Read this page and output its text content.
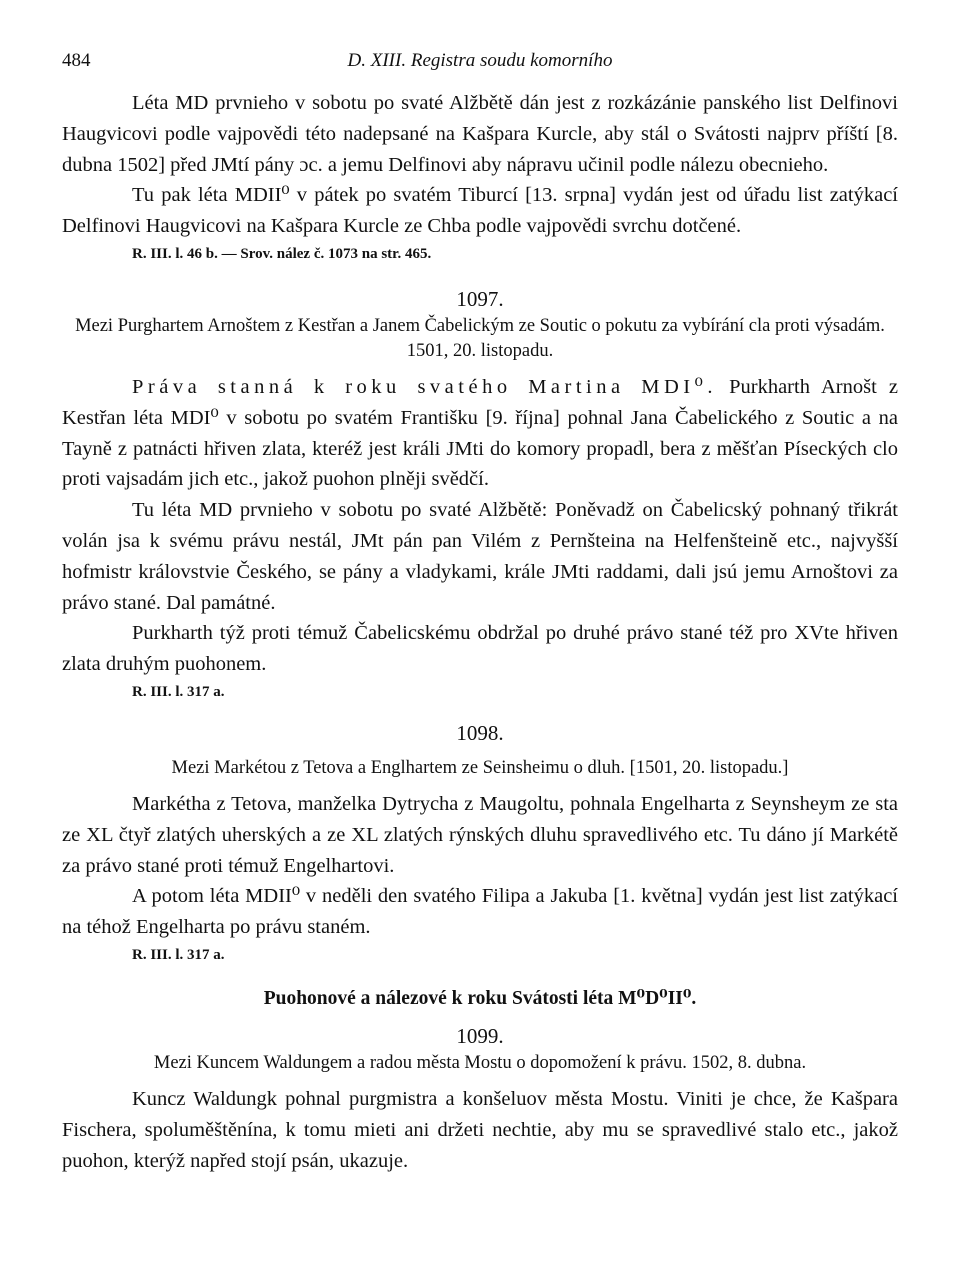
484	D. XIII. Registra soudu komorního

Léta MD prvnieho v sobotu po svaté Alžbětě dán jest z rozkázánie panského list Delfinovi Haugvicovi podle vajpovědi této nadepsané na Kašpara Kurcle, aby stál o Svátosti najprv příští [8. dubna 1502] před JMtí pány ɔc. a jemu Delfinovi aby nápravu učinil podle nálezu obecnieho.

Tu pak léta MDII⁰ v pátek po svatém Tiburcí [13. srpna] vydán jest od úřadu list zatýkací Delfinovi Haugvicovi na Kašpara Kurcle ze Chba podle vajpovědi svrchu dotčené.

R. III. l. 46 b. — Srov. nález č. 1073 na str. 465.
1097.
Mezi Purghartem Arnoštem z Kestřan a Janem Čabelickým ze Soutic o pokutu za vybírání cla proti výsadám. 1501, 20. listopadu.

Práva stanná k roku svatého Martina MDI⁰. Purkharth Arnošt z Kestřan léta MDI⁰ v sobotu po svatém Františku [9. října] pohnal Jana Čabelického z Soutic a na Tayně z patnácti hřiven zlata, kteréž jest králi JMti do komory propadl, bera z měšťan Píseckých clo proti vajsadám jich etc., jakož puohon plněji svědčí.

Tu léta MD prvnieho v sobotu po svaté Alžbětě: Poněvadž on Čabelicský pohnaný třikrát volán jsa k svému právu nestál, JMt pán pan Vilém z Pernšteina na Helfenšteině etc., najvyšší hofmistr královstvie Českého, se pány a vladykami, krále JMti raddami, dali jsú jemu Arnoštovi za právo stané. Dal památné.

Purkharth týž proti témuž Čabelicskému obdržal po druhé právo stané též pro XVte hřiven zlata druhým puohonem.

R. III. l. 317 a.
1098.
Mezi Markétou z Tetova a Englhartem ze Seinsheimu o dluh. [1501, 20. listopadu.]

Markétha z Tetova, manželka Dytrycha z Maugoltu, pohnala Engelharta z Seynsheym ze sta ze XL čtyř zlatých uherských a ze XL zlatých rýnských dluhu spravedlivého etc. Tu dáno jí Markétě za právo stané proti témuž Engelhartovi.

A potom léta MDII⁰ v neděli den svatého Filipa a Jakuba [1. května] vydán jest list zatýkací na téhož Engelharta po právu staném.

R. III. l. 317 a.
Puohonové a nálezové k roku Svátosti léta M⁰D⁰II⁰.
1099.
Mezi Kuncem Waldungem a radou města Mostu o dopomožení k právu. 1502, 8. dubna.

Kuncz Waldungk pohnal purgmistra a konšeluov města Mostu. Viniti je chce, že Kašpara Fischera, spoluměštěnína, k tomu mieti ani držeti nechtie, aby mu se spravedlivé stalo etc., jakož puohon, kterýž napřed stojí psán, ukazuje.
